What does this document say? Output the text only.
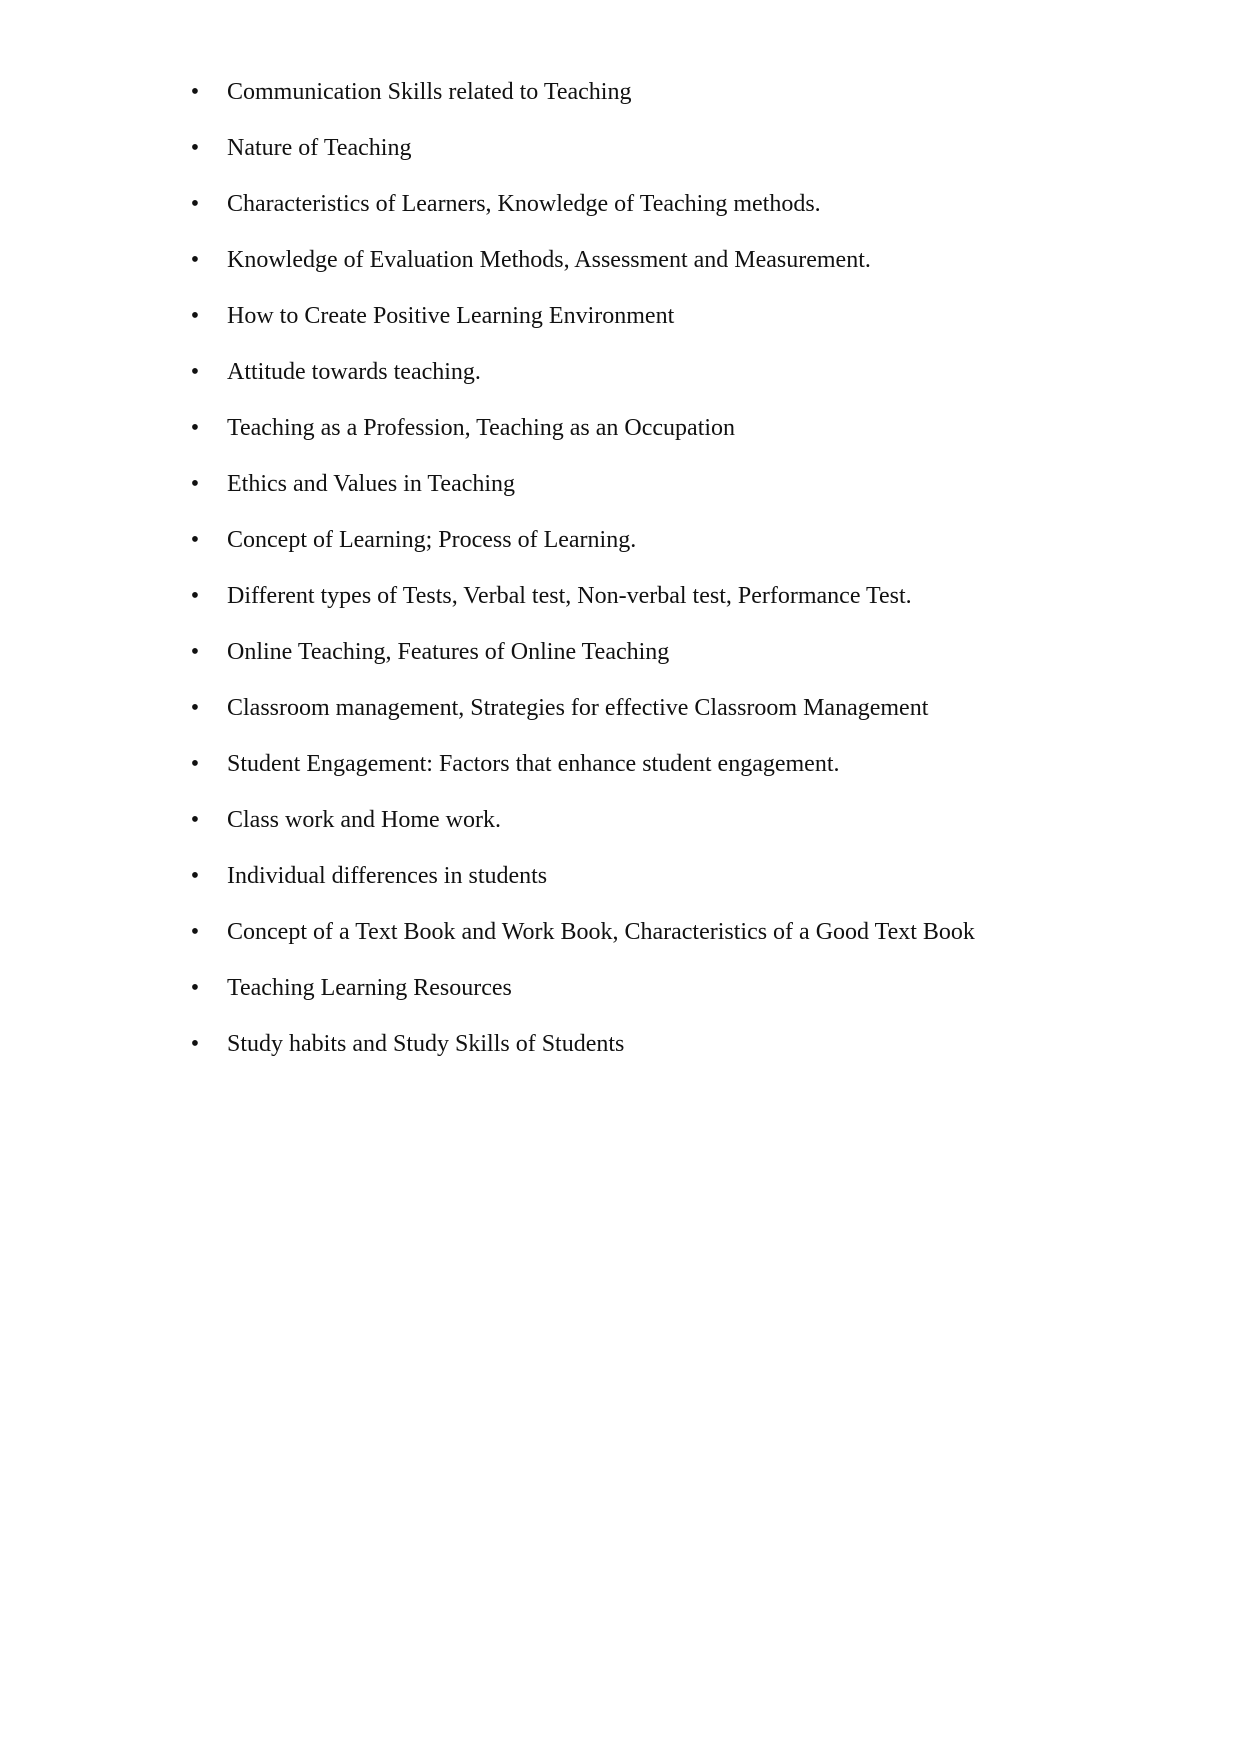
• Communication Skills related to Teaching
• Nature of Teaching
• Characteristics of Learners, Knowledge of Teaching methods.
• Knowledge of Evaluation Methods, Assessment and Measurement.
• How to Create Positive Learning Environment
• Attitude towards teaching.
• Teaching as a Profession, Teaching as an Occupation
• Ethics and Values in Teaching
• Concept of Learning; Process of Learning.
• Different types of Tests, Verbal test, Non-verbal test, Performance Test.
• Online Teaching, Features of Online Teaching
• Classroom management, Strategies for effective Classroom Management
• Student Engagement: Factors that enhance student engagement.
• Class work and Home work.
• Individual differences in students
• Concept of a Text Book and Work Book, Characteristics of a Good Text Book
• Teaching Learning Resources
• Study habits and Study Skills of Students
